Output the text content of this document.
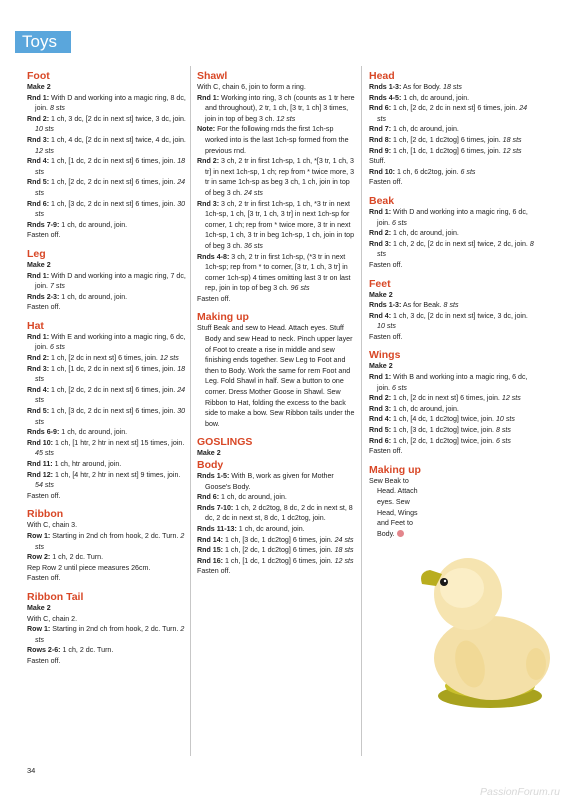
Toys
Foot

Make 2

Rnd 1: With D and working into a magic ring, 8 dc, join. 8 sts

Rnd 2: 1 ch, 3 dc, [2 dc in next st] twice, 3 dc, join. 10 sts

Rnd 3: 1 ch, 4 dc, [2 dc in next st] twice, 4 dc, join. 12 sts

Rnd 4: 1 ch, [1 dc, 2 dc in next st] 6 times, join. 18 sts

Rnd 5: 1 ch, [2 dc, 2 dc in next st] 6 times, join. 24 sts

Rnd 6: 1 ch, [3 dc, 2 dc in next st] 6 times, join. 30 sts

Rnds 7-9: 1 ch, dc around, join.

Fasten off.

Leg

Make 2

Rnd 1: With D and working into a magic ring, 7 dc, join. 7 sts

Rnds 2-3: 1 ch, dc around, join.

Fasten off.

Hat

Rnd 1: With E and working into a magic ring, 6 dc, join. 6 sts

Rnd 2: 1 ch, [2 dc in next st] 6 times, join. 12 sts

Rnd 3: 1 ch, [1 dc, 2 dc in next st] 6 times, join. 18 sts

Rnd 4: 1 ch, [2 dc, 2 dc in next st] 6 times, join. 24 sts

Rnd 5: 1 ch, [3 dc, 2 dc in next st] 6 times, join. 30 sts

Rnds 6-9: 1 ch, dc around, join.

Rnd 10: 1 ch, [1 htr, 2 htr in next st] 15 times, join. 45 sts

Rnd 11: 1 ch, htr around, join.

Rnd 12: 1 ch, [4 htr, 2 htr in next st] 9 times, join. 54 sts

Fasten off.

Ribbon

With C, chain 3.

Row 1: Starting in 2nd ch from hook, 2 dc. Turn. 2 sts

Row 2: 1 ch, 2 dc. Turn.

Rep Row 2 until piece measures 26cm.

Fasten off.

Ribbon Tail

Make 2

With C, chain 2.

Row 1: Starting in 2nd ch from hook, 2 dc. Turn. 2 sts

Rows 2-6: 1 ch, 2 dc. Turn.

Fasten off.

Shawl

With C, chain 6, join to form a ring.

Rnd 1: Working into ring, 3 ch (counts as 1 tr here and throughout), 2 tr, 1 ch, [3 tr, 1 ch] 3 times, join in top of beg 3 ch. 12 sts

Note: For the following rnds the first 1ch-sp worked into is the last 1ch-sp formed from the previous rnd.

Rnd 2: 3 ch, 2 tr in first 1ch-sp, 1 ch, *[3 tr, 1 ch, 3 tr] in next 1ch-sp, 1 ch; rep from * twice more, 3 tr in same 1ch-sp as beg 3 ch, 1 ch, join in top of beg 3 ch. 24 sts

Rnd 3: 3 ch, 2 tr in first 1ch-sp, 1 ch, *3 tr in next 1ch-sp, 1 ch, [3 tr, 1 ch, 3 tr] in next 1ch-sp for corner, 1 ch; rep from * twice more, 3 tr in next 1ch-sp, 1 ch, 3 tr in beg 1ch-sp, 1 ch, join in top of beg 3 ch. 36 sts

Rnds 4-8: 3 ch, 2 tr in first 1ch-sp, (*3 tr in next 1ch-sp; rep from * to corner, [3 tr, 1 ch, 3 tr] in corner 1ch-sp) 4 times omitting last 3 tr on last rep, join in top of beg 3 ch. 96 sts

Fasten off.

Making up

Stuff Beak and sew to Head. Attach eyes. Stuff Body and sew Head to neck. Pinch upper layer of Foot to create a rise in middle and sew finishing ends together. Sew Leg to Foot and then to Body. Work the same for rem Foot and Leg. Fold Shawl in half. Sew a button to one corner. Dress Mother Goose in Shawl. Sew Ribbon to Hat, folding the excess to the back side to make a bow. Sew Ribbon tails under the bow.

GOSLINGS

Make 2

Body

Rnds 1-5: With B, work as given for Mother Goose's Body.

Rnd 6: 1 ch, dc around, join.

Rnds 7-10: 1 ch, 2 dc2tog, 8 dc, 2 dc in next st, 8 dc, 2 dc in next st, 8 dc, 1 dc2tog, join.

Rnds 11-13: 1 ch, dc around, join.

Rnd 14: 1 ch, [3 dc, 1 dc2tog] 6 times, join. 24 sts

Rnd 15: 1 ch, [2 dc, 1 dc2tog] 6 times, join. 18 sts

Rnd 16: 1 ch, [1 dc, 1 dc2tog] 6 times, join. 12 sts

Fasten off.

Head

Rnds 1-3: As for Body. 18 sts

Rnds 4-5: 1 ch, dc around, join.

Rnd 6: 1 ch, [2 dc, 2 dc in next st] 6 times, join. 24 sts

Rnd 7: 1 ch, dc around, join.

Rnd 8: 1 ch, [2 dc, 1 dc2tog] 6 times, join. 18 sts

Rnd 9: 1 ch, [1 dc, 1 dc2tog] 6 times, join. 12 sts

Stuff.

Rnd 10: 1 ch, 6 dc2tog, join. 6 sts

Fasten off.

Beak

Rnd 1: With D and working into a magic ring, 6 dc, join. 6 sts

Rnd 2: 1 ch, dc around, join.

Rnd 3: 1 ch, 2 dc, [2 dc in next st] twice, 2 dc, join. 8 sts

Fasten off.

Feet

Make 2

Rnds 1-3: As for Beak. 8 sts

Rnd 4: 1 ch, 3 dc, [2 dc in next st] twice, 3 dc, join. 10 sts

Fasten off.

Wings

Make 2

Rnd 1: With B and working into a magic ring, 6 dc, join. 6 sts

Rnd 2: 1 ch, [2 dc in next st] 6 times, join. 12 sts

Rnd 3: 1 ch, dc around, join.

Rnd 4: 1 ch, [4 dc, 1 dc2tog] twice, join. 10 sts

Rnd 5: 1 ch, [3 dc, 1 dc2tog] twice, join. 8 sts

Rnd 6: 1 ch, [2 dc, 1 dc2tog] twice, join. 6 sts

Fasten off.

Making up

Sew Beak to Head. Attach eyes. Sew Head, Wings and Feet to Body.

34
PassionForum.ru
